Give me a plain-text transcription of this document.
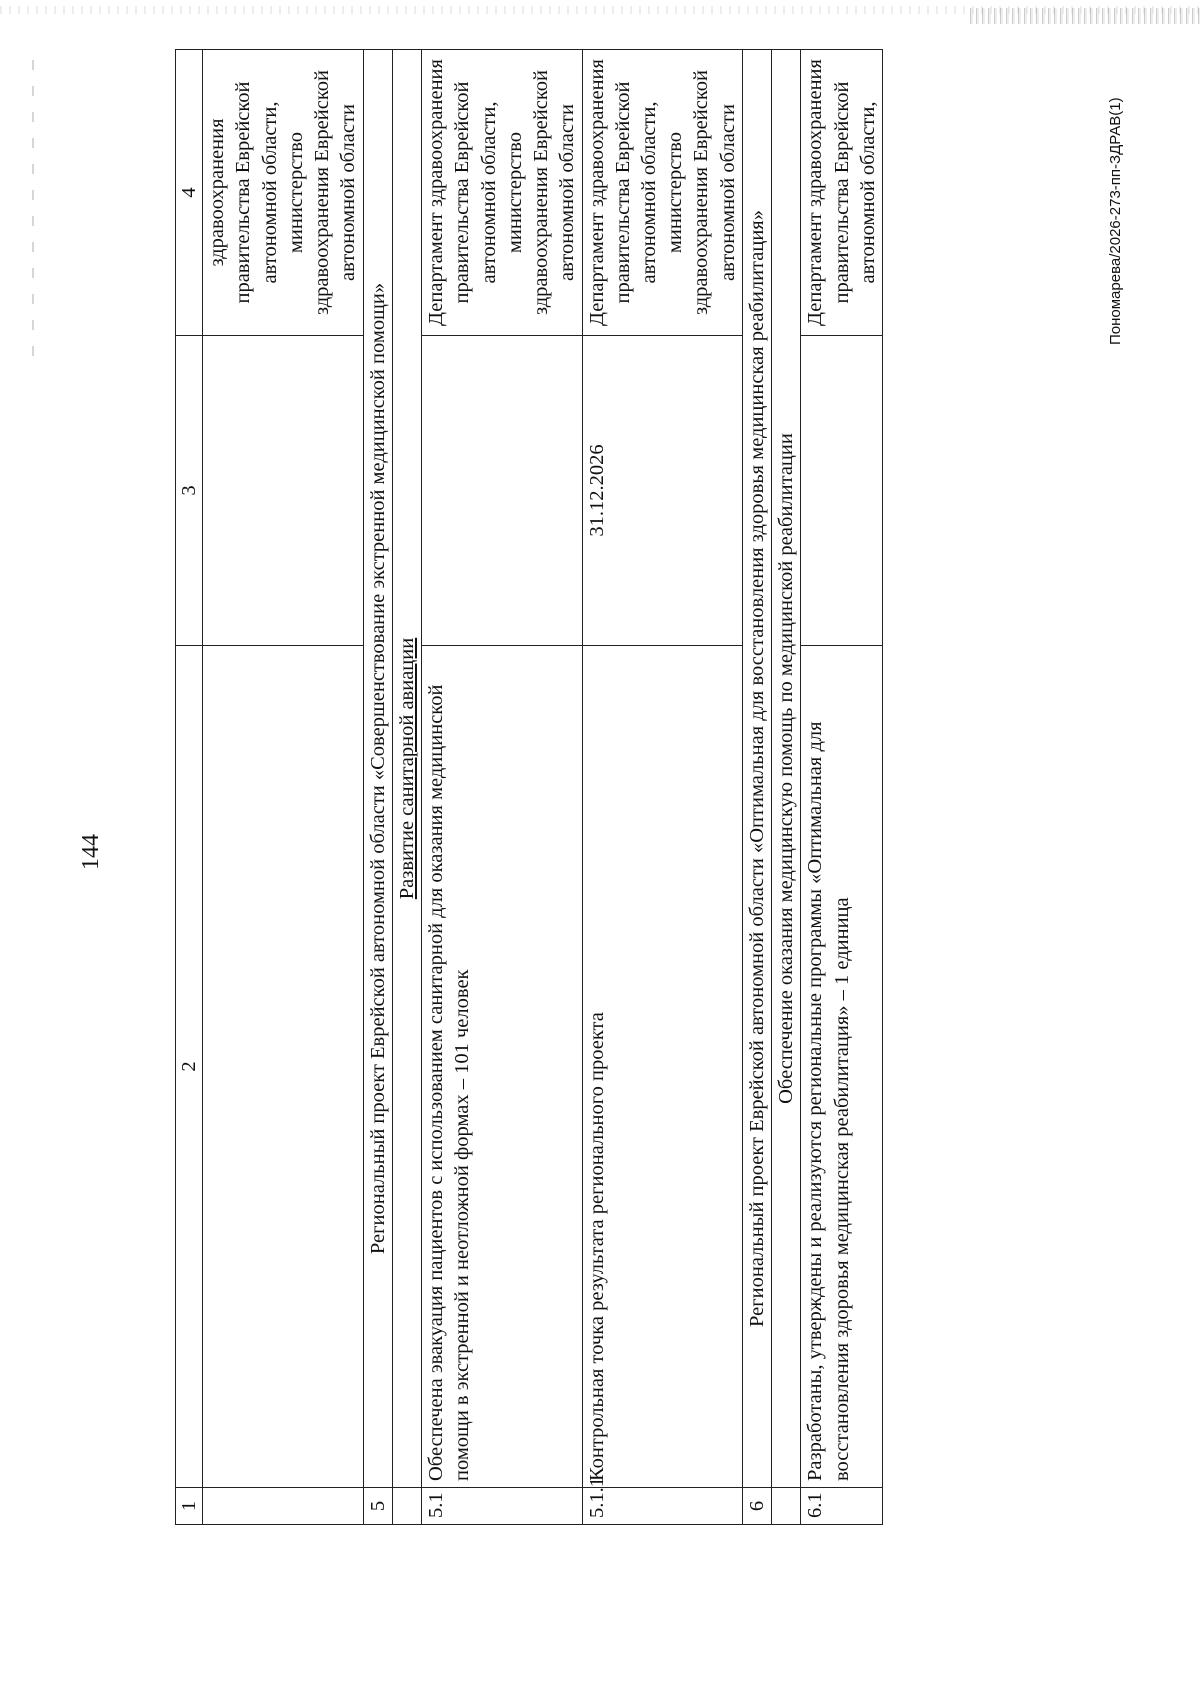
144
1	2	3	4
			здравоохранения правительства Еврейской автономной области, министерство здравоохранения Еврейской автономной области
5	Региональный проект Еврейской автономной области «Совершенствование экстренной медицинской помощи»		
	Развитие санитарной авиации		
5.1	Обеспечена эвакуация пациентов с использованием санитарной для оказания медицинской помощи в экстренной и неотложной формах – 101 человек		Департамент здравоохранения правительства Еврейской автономной области, министерство здравоохранения Еврейской автономной области
5.1.1	Контрольная точка результата регионального проекта	31.12.2026	Департамент здравоохранения правительства Еврейской автономной области, министерство здравоохранения Еврейской автономной области
6	Региональный проект Еврейской автономной области «Оптимальная для восстановления здоровья медицинская реабилитация»		
	Обеспечение оказания медицинскую помощь по медицинской реабилитации		
6.1	Разработаны, утверждены и реализуются региональные программы «Оптимальная для восстановления здоровья медицинская реабилитация» – 1 единица		Департамент здравоохранения правительства Еврейской автономной области,	Пономарева/2026-273-пп-ЗДРАВ(1)
